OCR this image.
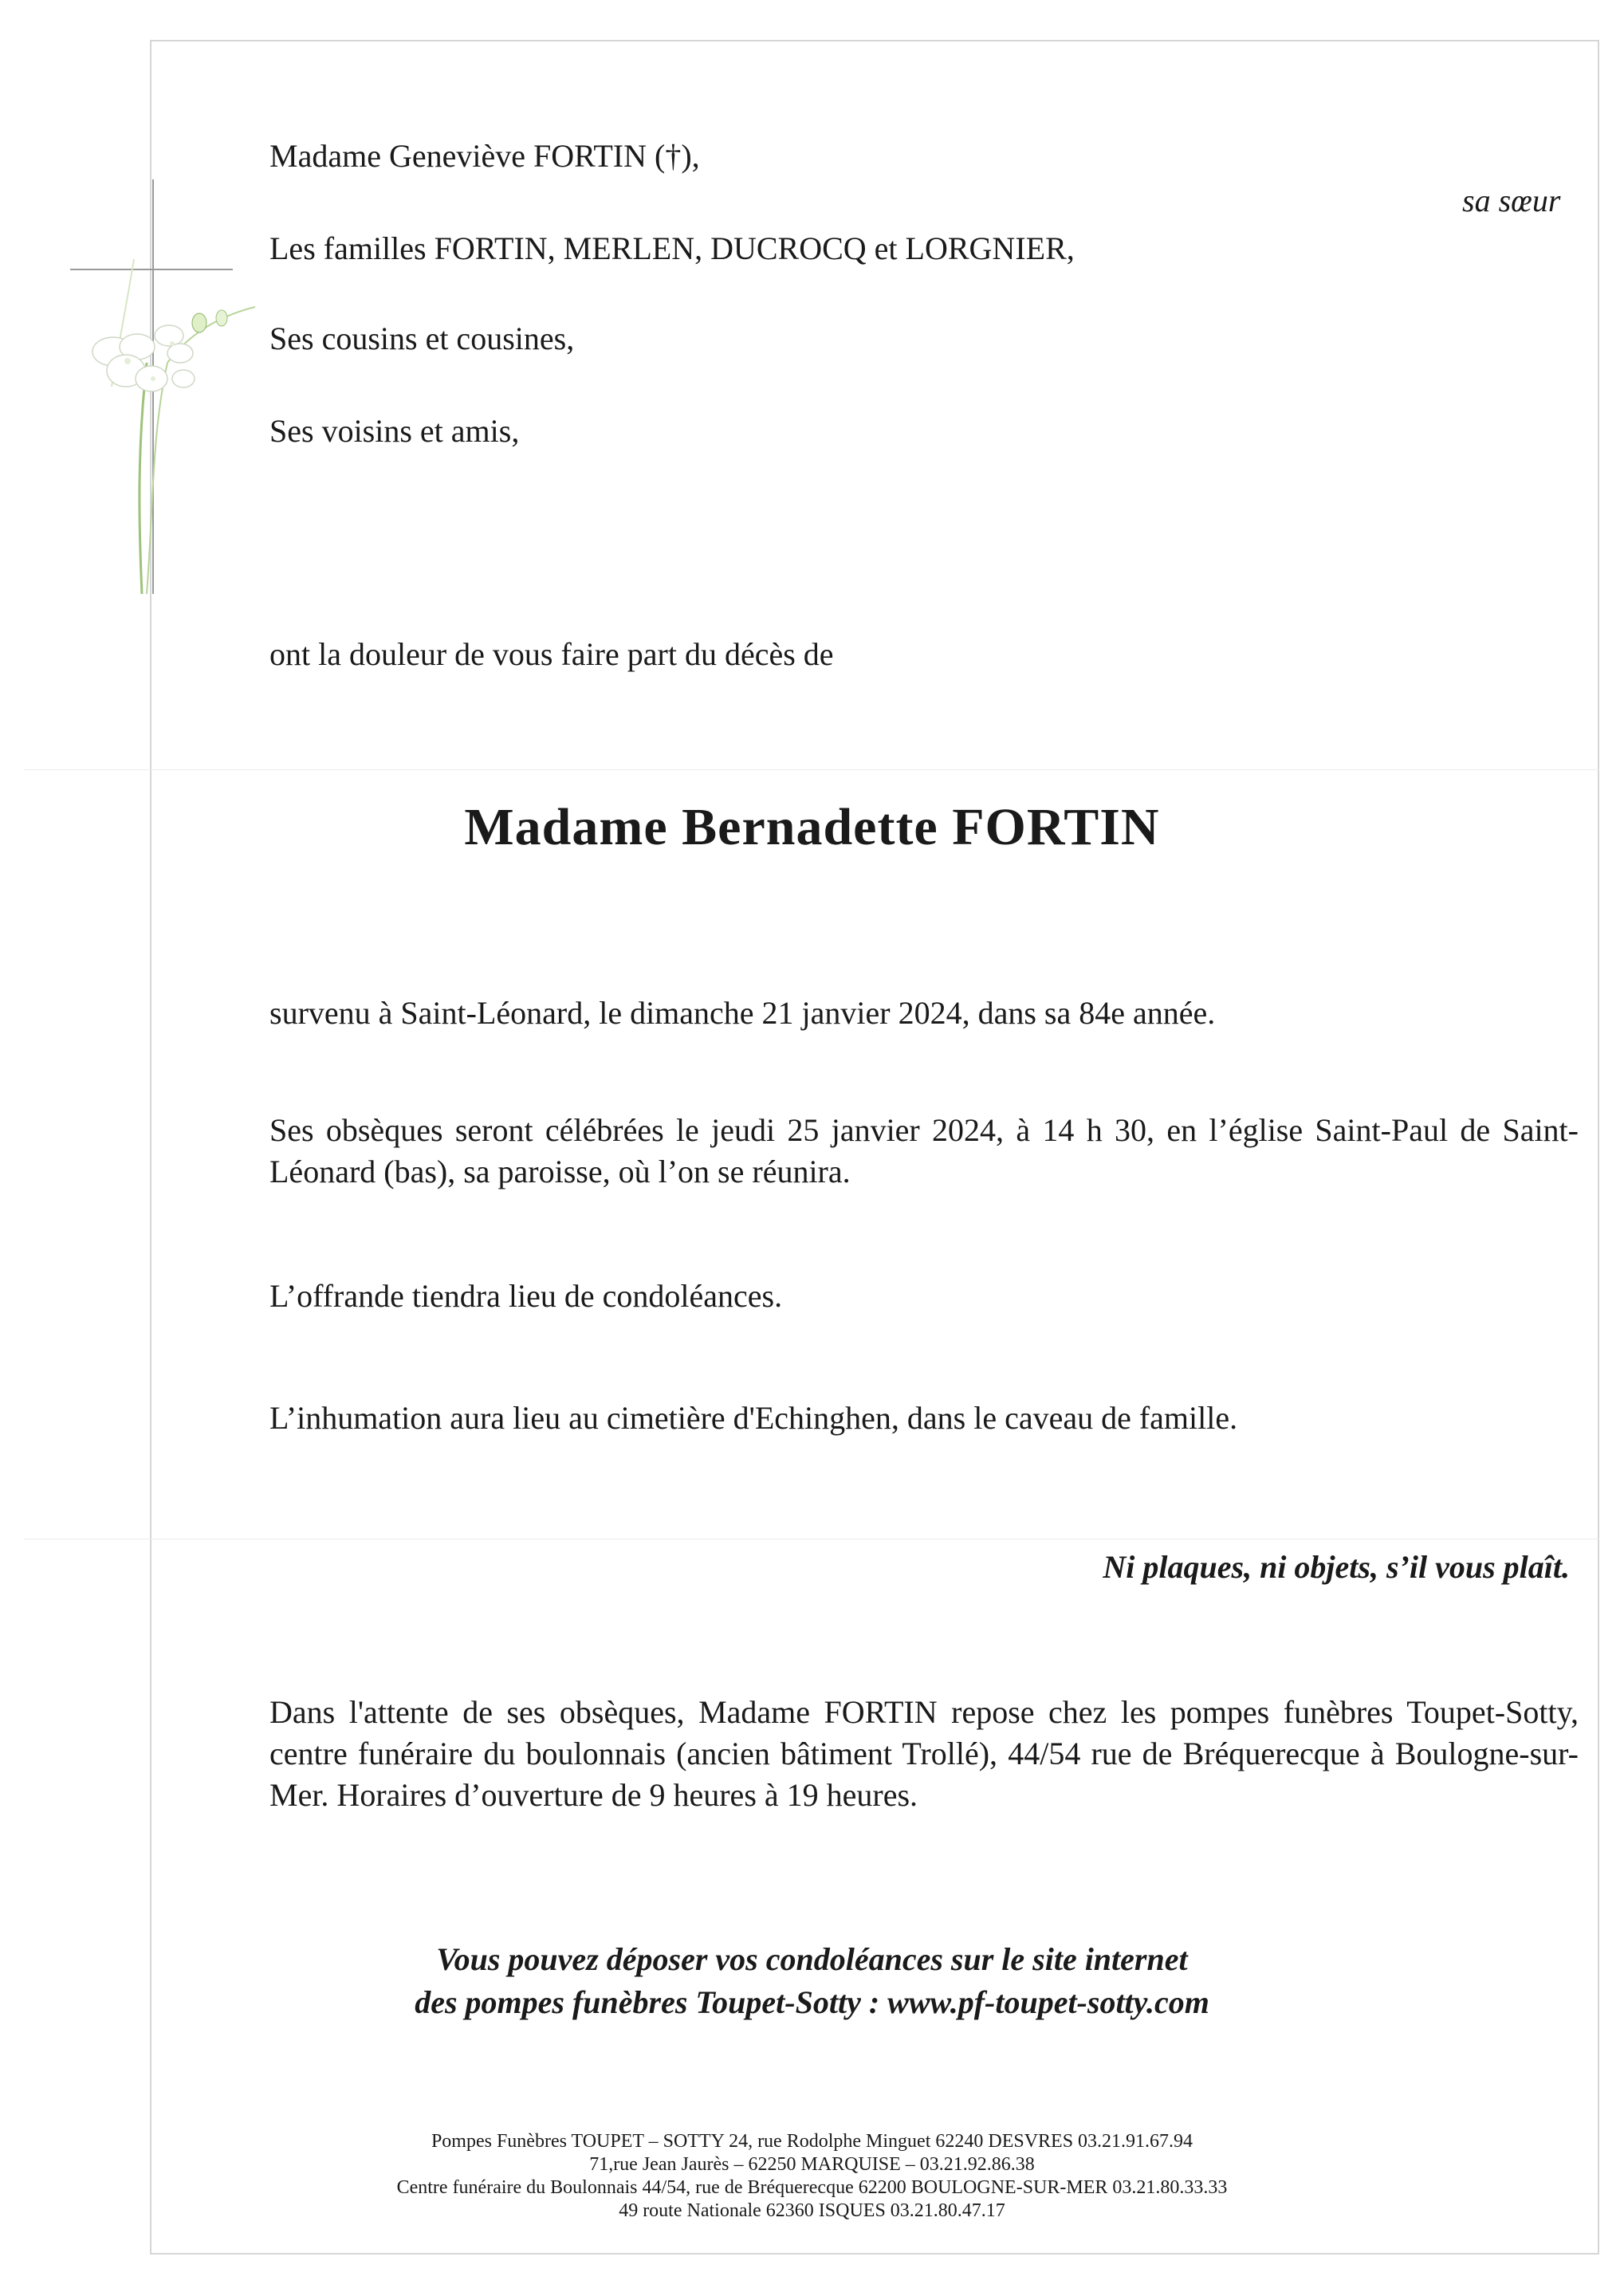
Madame Geneviève FORTIN (†),
sa sœur
Les familles FORTIN, MERLEN, DUCROCQ et LORGNIER,
Ses cousins et cousines,
Ses voisins et amis,
ont la douleur de vous faire part du décès de
Madame Bernadette FORTIN
survenu à Saint-Léonard, le dimanche 21 janvier 2024, dans sa 84e année.
Ses obsèques seront célébrées le jeudi 25 janvier 2024, à 14 h 30, en l’église Saint-Paul de Saint-Léonard (bas), sa paroisse, où l’on se réunira.
L’offrande tiendra lieu de condoléances.
L’inhumation aura lieu au cimetière d'Echinghen, dans le caveau de famille.
Ni plaques, ni objets, s’il vous plaît.
Dans l'attente de ses obsèques, Madame FORTIN repose chez les pompes funèbres Toupet-Sotty, centre funéraire du boulonnais (ancien bâtiment Trollé), 44/54 rue de Bréquerecque à Boulogne-sur-Mer. Horaires d’ouverture de 9 heures à 19 heures.
Vous pouvez déposer vos condoléances sur le site internet
des pompes funèbres Toupet-Sotty : www.pf-toupet-sotty.com
Pompes Funèbres TOUPET – SOTTY 24, rue Rodolphe Minguet 62240 DESVRES 03.21.91.67.94
71,rue Jean Jaurès – 62250 MARQUISE – 03.21.92.86.38
Centre funéraire du Boulonnais 44/54, rue de Bréquerecque 62200 BOULOGNE-SUR-MER 03.21.80.33.33
49 route Nationale 62360 ISQUES 03.21.80.47.17
